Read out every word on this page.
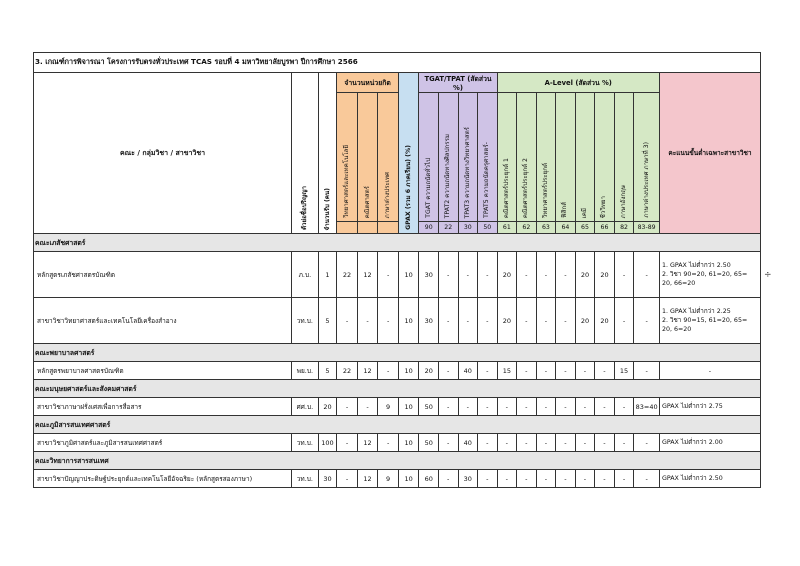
3. เกณฑ์การพิจารณา โครงการรับตรงทั่วประเทศ TCAS รอบที่ 4 มหาวิทยาลัยบูรพา ปีการศึกษา 2566																			
คณะ / กลุ่มวิชา / สาขาวิชา	ตัวย่อชื่อปริญญา	จำนวนรับ (คน)	จำนวนหน่วยกิต			GPAX (รวม 6 ภาคเรียน) (%)	TGAT/TPAT (สัดส่วน %)				A-Level (สัดส่วน %)								คะแนนขั้นต่ำเฉพาะสาขาวิชา

			วิทยาศาสตร์และเทคโนโลยี	คณิตศาสตร์	ภาษาต่างประเทศ		TGAT ความถนัดทั่วไป	TPAT2 ความถนัดทางศิลปกรรม	TPAT3 ความถนัดทางวิทยาศาสตร์	TPAT5 ความถนัดครุศาสตร์-	คณิตศาสตร์ประยุกต์ 1	คณิตศาสตร์ประยุกต์ 2	วิทยาศาสตร์ประยุกต์	ฟิสิกส์	เคมี	ชีววิทยา	ภาษาอังกฤษ	ภาษาต่างประเทศ ภาษาที่ 3)	

							90	22	30	50	61	62	63	64	65	66	82	83-89	
คณะเภสัชศาสตร์																			
หลักสูตรเภสัชศาสตรบัณฑิต	ภ.บ.	1	22	12	-	10	30	-	-	-	20	-	-	-	20	20	-	-	1. GPAX ไม่ต่ำกว่า 2.50
2. วิชา 90=20, 61=20, 65=
20, 66=20

สาขาวิชาวิทยาศาสตร์และเทคโนโลยีเครื่องสำอาง	วท.บ.	5	-	-	-	10	30	-	-	-	20	-	-	-	20	20	-	-	1. GPAX ไม่ต่ำกว่า 2.25
2. วิชา 90=15, 61=20, 65=
20, 6=20

คณะพยาบาลศาสตร์																			
หลักสูตรพยาบาลศาสตรบัณฑิต	พย.บ.	5	22	12	-	10	20	-	40	-	15	-	-	-	-	-	15	-	-

คณะมนุษยศาสตร์และสังคมศาสตร์																			
สาขาวิชาภาษาฝรั่งเศสเพื่อการสื่อสาร	ศศ.บ.	20	-	-	9	10	50	-	-	-	-	-	-	-	-	-	-	83=40	GPAX ไม่ต่ำกว่า 2.75

คณะภูมิสารสนเทศศาสตร์																			
สาขาวิชาภูมิศาสตร์และภูมิสารสนเทศศาสตร์	วท.บ.	100	-	12	-	10	50	-	40	-	-	-	-	-	-	-	-	-	GPAX ไม่ต่ำกว่า 2.00

คณะวิทยาการสารสนเทศ																			
สาขาวิชาปัญญาประดิษฐ์ประยุกต์และเทคโนโลยีอัจฉริยะ (หลักสูตรสองภาษา)	วท.บ.	30	-	12	9	10	60	-	30	-	-	-	-	-	-	-	-	-	GPAX ไม่ต่ำกว่า 2.50
÷
